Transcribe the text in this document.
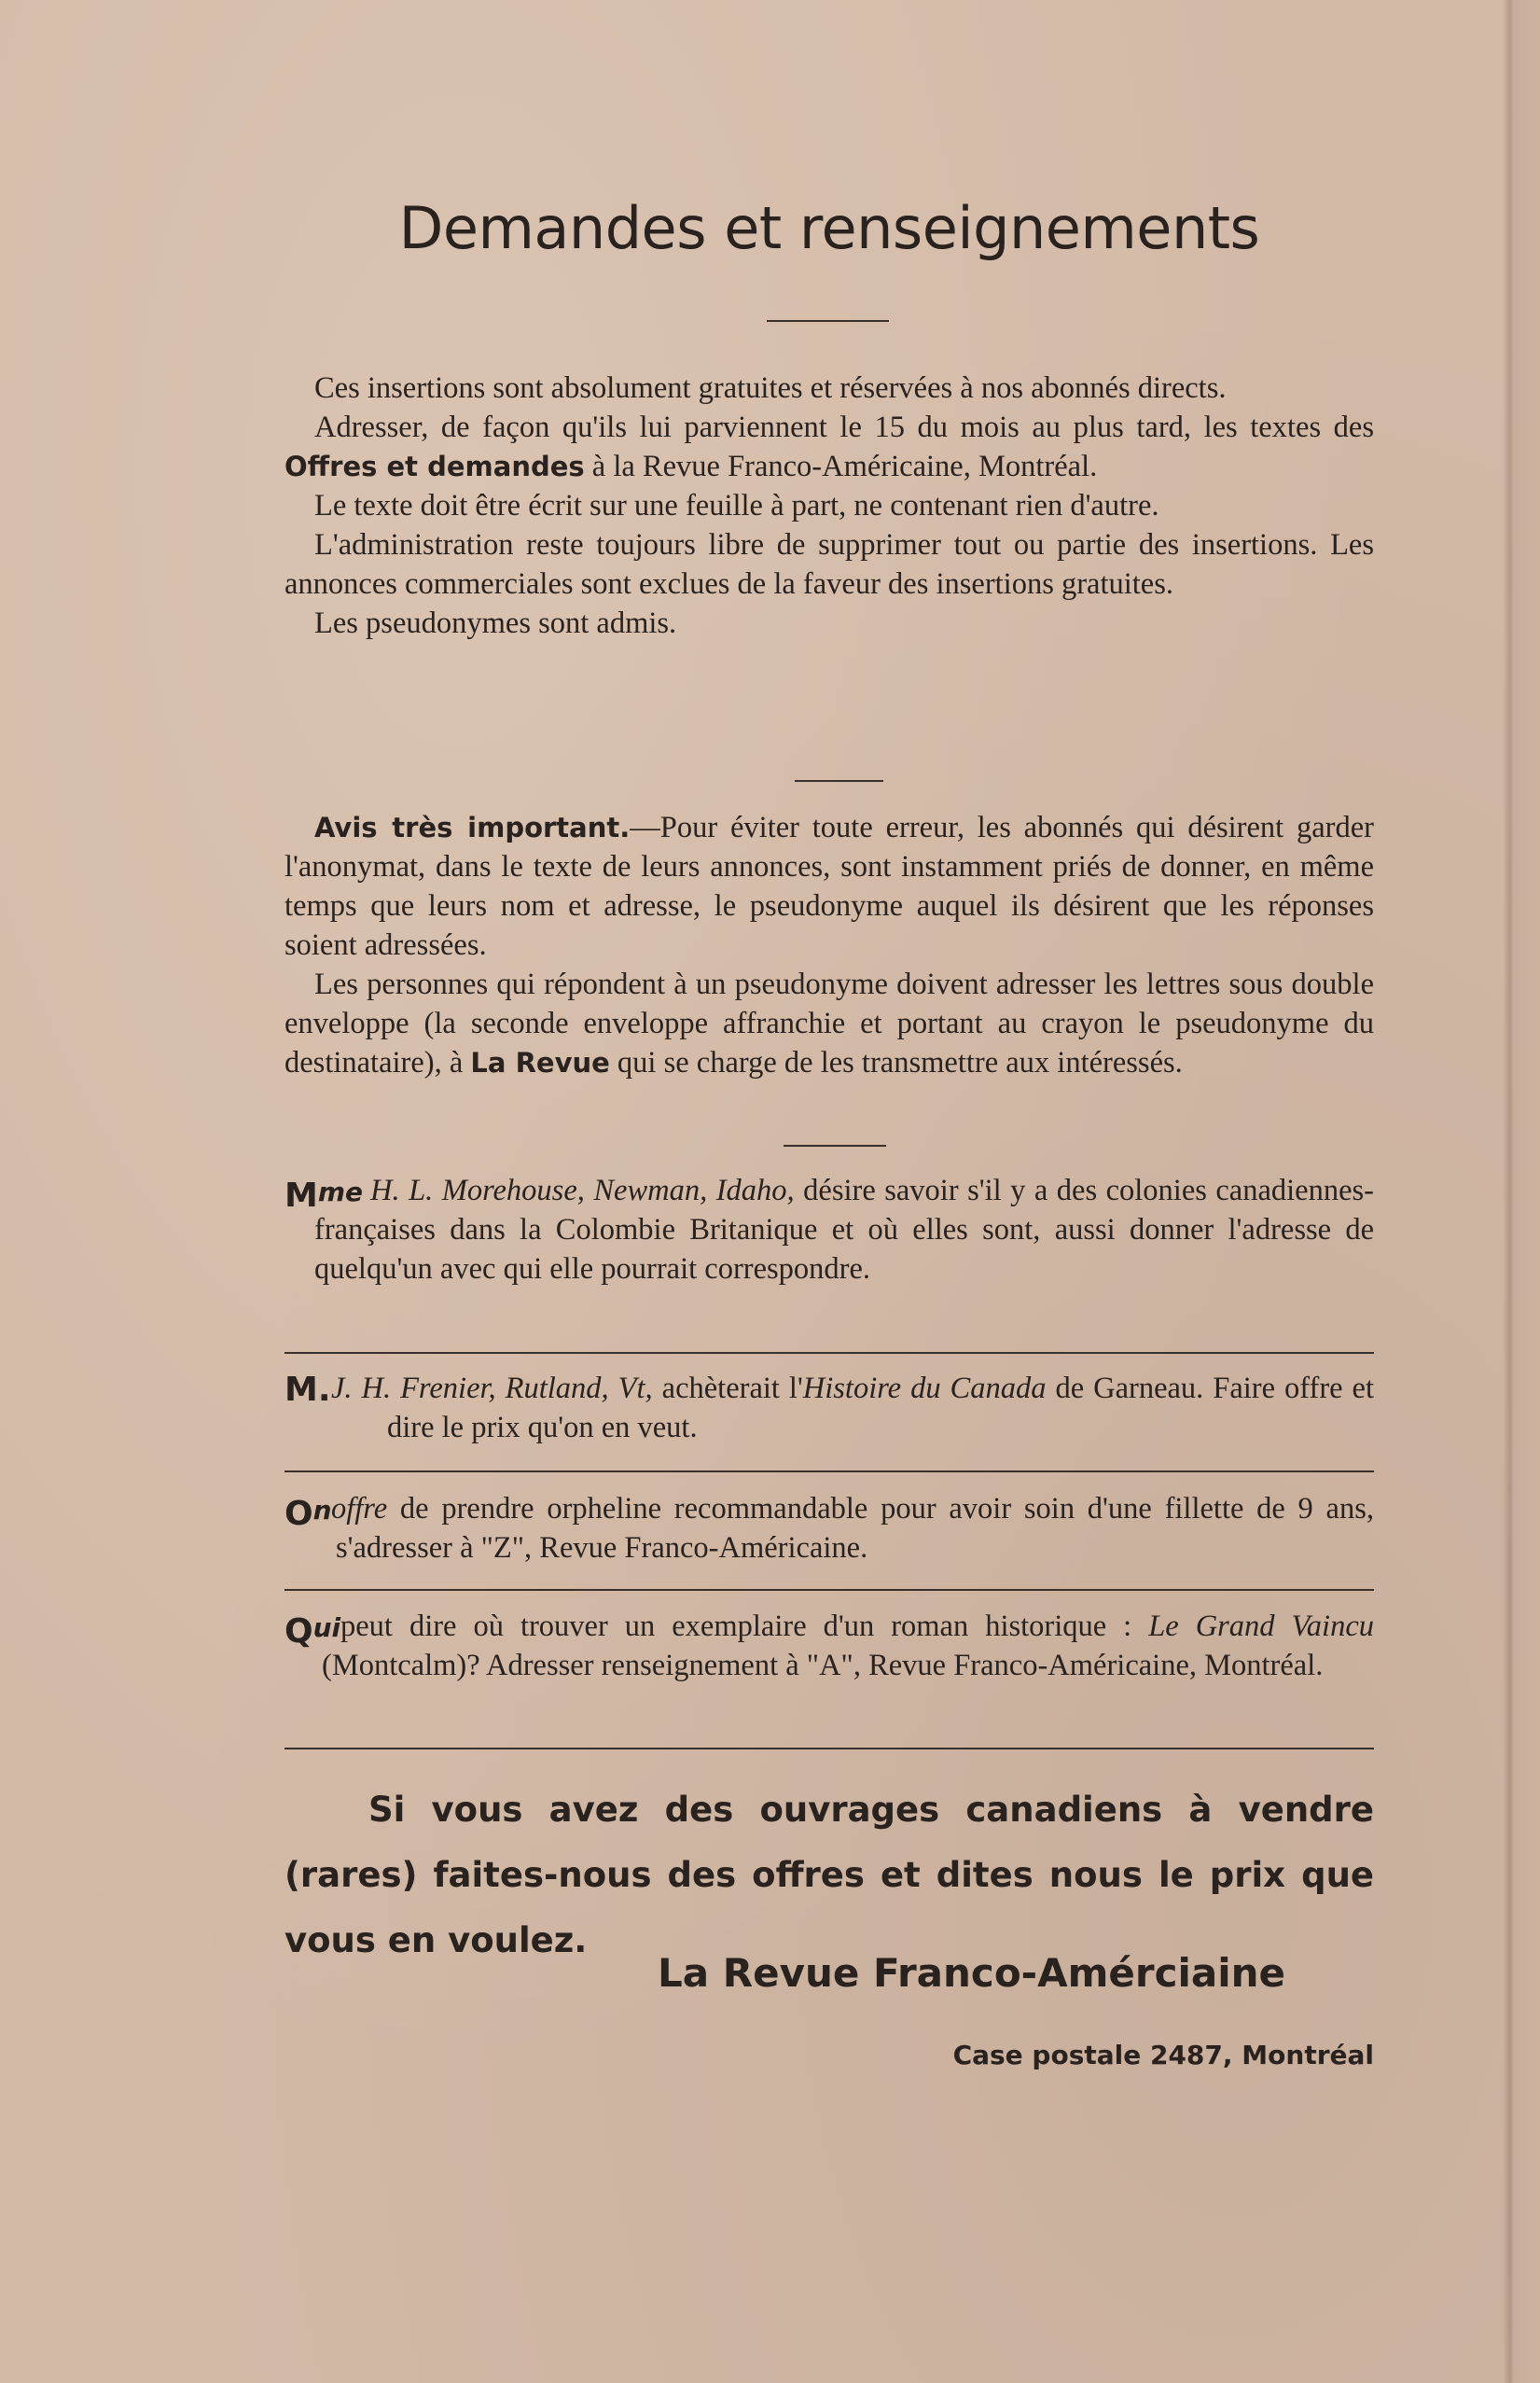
Demandes et renseignements

Ces insertions sont absolument gratuites et réservées à nos abonnés directs.

Adresser, de façon qu'ils lui parviennent le 15 du mois au plus tard, les textes des Offres et demandes à la Revue Franco-Américaine, Montréal.

Le texte doit être écrit sur une feuille à part, ne contenant rien d'autre.

L'administration reste toujours libre de supprimer tout ou partie des insertions. Les annonces commerciales sont exclues de la faveur des insertions gratuites.

Les pseudonymes sont admis.

Avis très important.—Pour éviter toute erreur, les abonnés qui désirent garder l'anonymat, dans le texte de leurs annonces, sont instamment priés de donner, en même temps que leurs nom et adresse, le pseudonyme auquel ils désirent que les réponses soient adressées.

Les personnes qui répondent à un pseudonyme doivent adresser les lettres sous double enveloppe (la seconde enveloppe affranchie et portant au crayon le pseudonyme du destinataire), à La Revue qui se charge de les transmettre aux intéressés.

$M^{me}$ H. L. Morehouse, Newman, Idaho, désire savoir s'il y a des colonies canadiennes-françaises dans la Colombie Britanique et où elles sont, aussi donner l'adresse de quelqu'un avec qui elle pourrait correspondre.
M. J. H. Frenier, Rutland, Vt, achèterait l'Histoire du Canada de Garneau. Faire offre et dire le prix qu'on en veut.
$O^n$ offre de prendre orpheline recommandable pour avoir soin d'une fillette de 9 ans, s'adresser à "Z", Revue Franco-Américaine.
$Q^{ui}$ peut dire où trouver un exemplaire d'un roman historique : Le Grand Vaincu (Montcalm)? Adresser renseignement à "A", Revue Franco-Américaine, Montréal.
Si vous avez des ouvrages canadiens à vendre (rares) faites-nous des offres et dites nous le prix que vous en voulez.
La Revue Franco-Amérciaine
Case postale 2487, Montréal
